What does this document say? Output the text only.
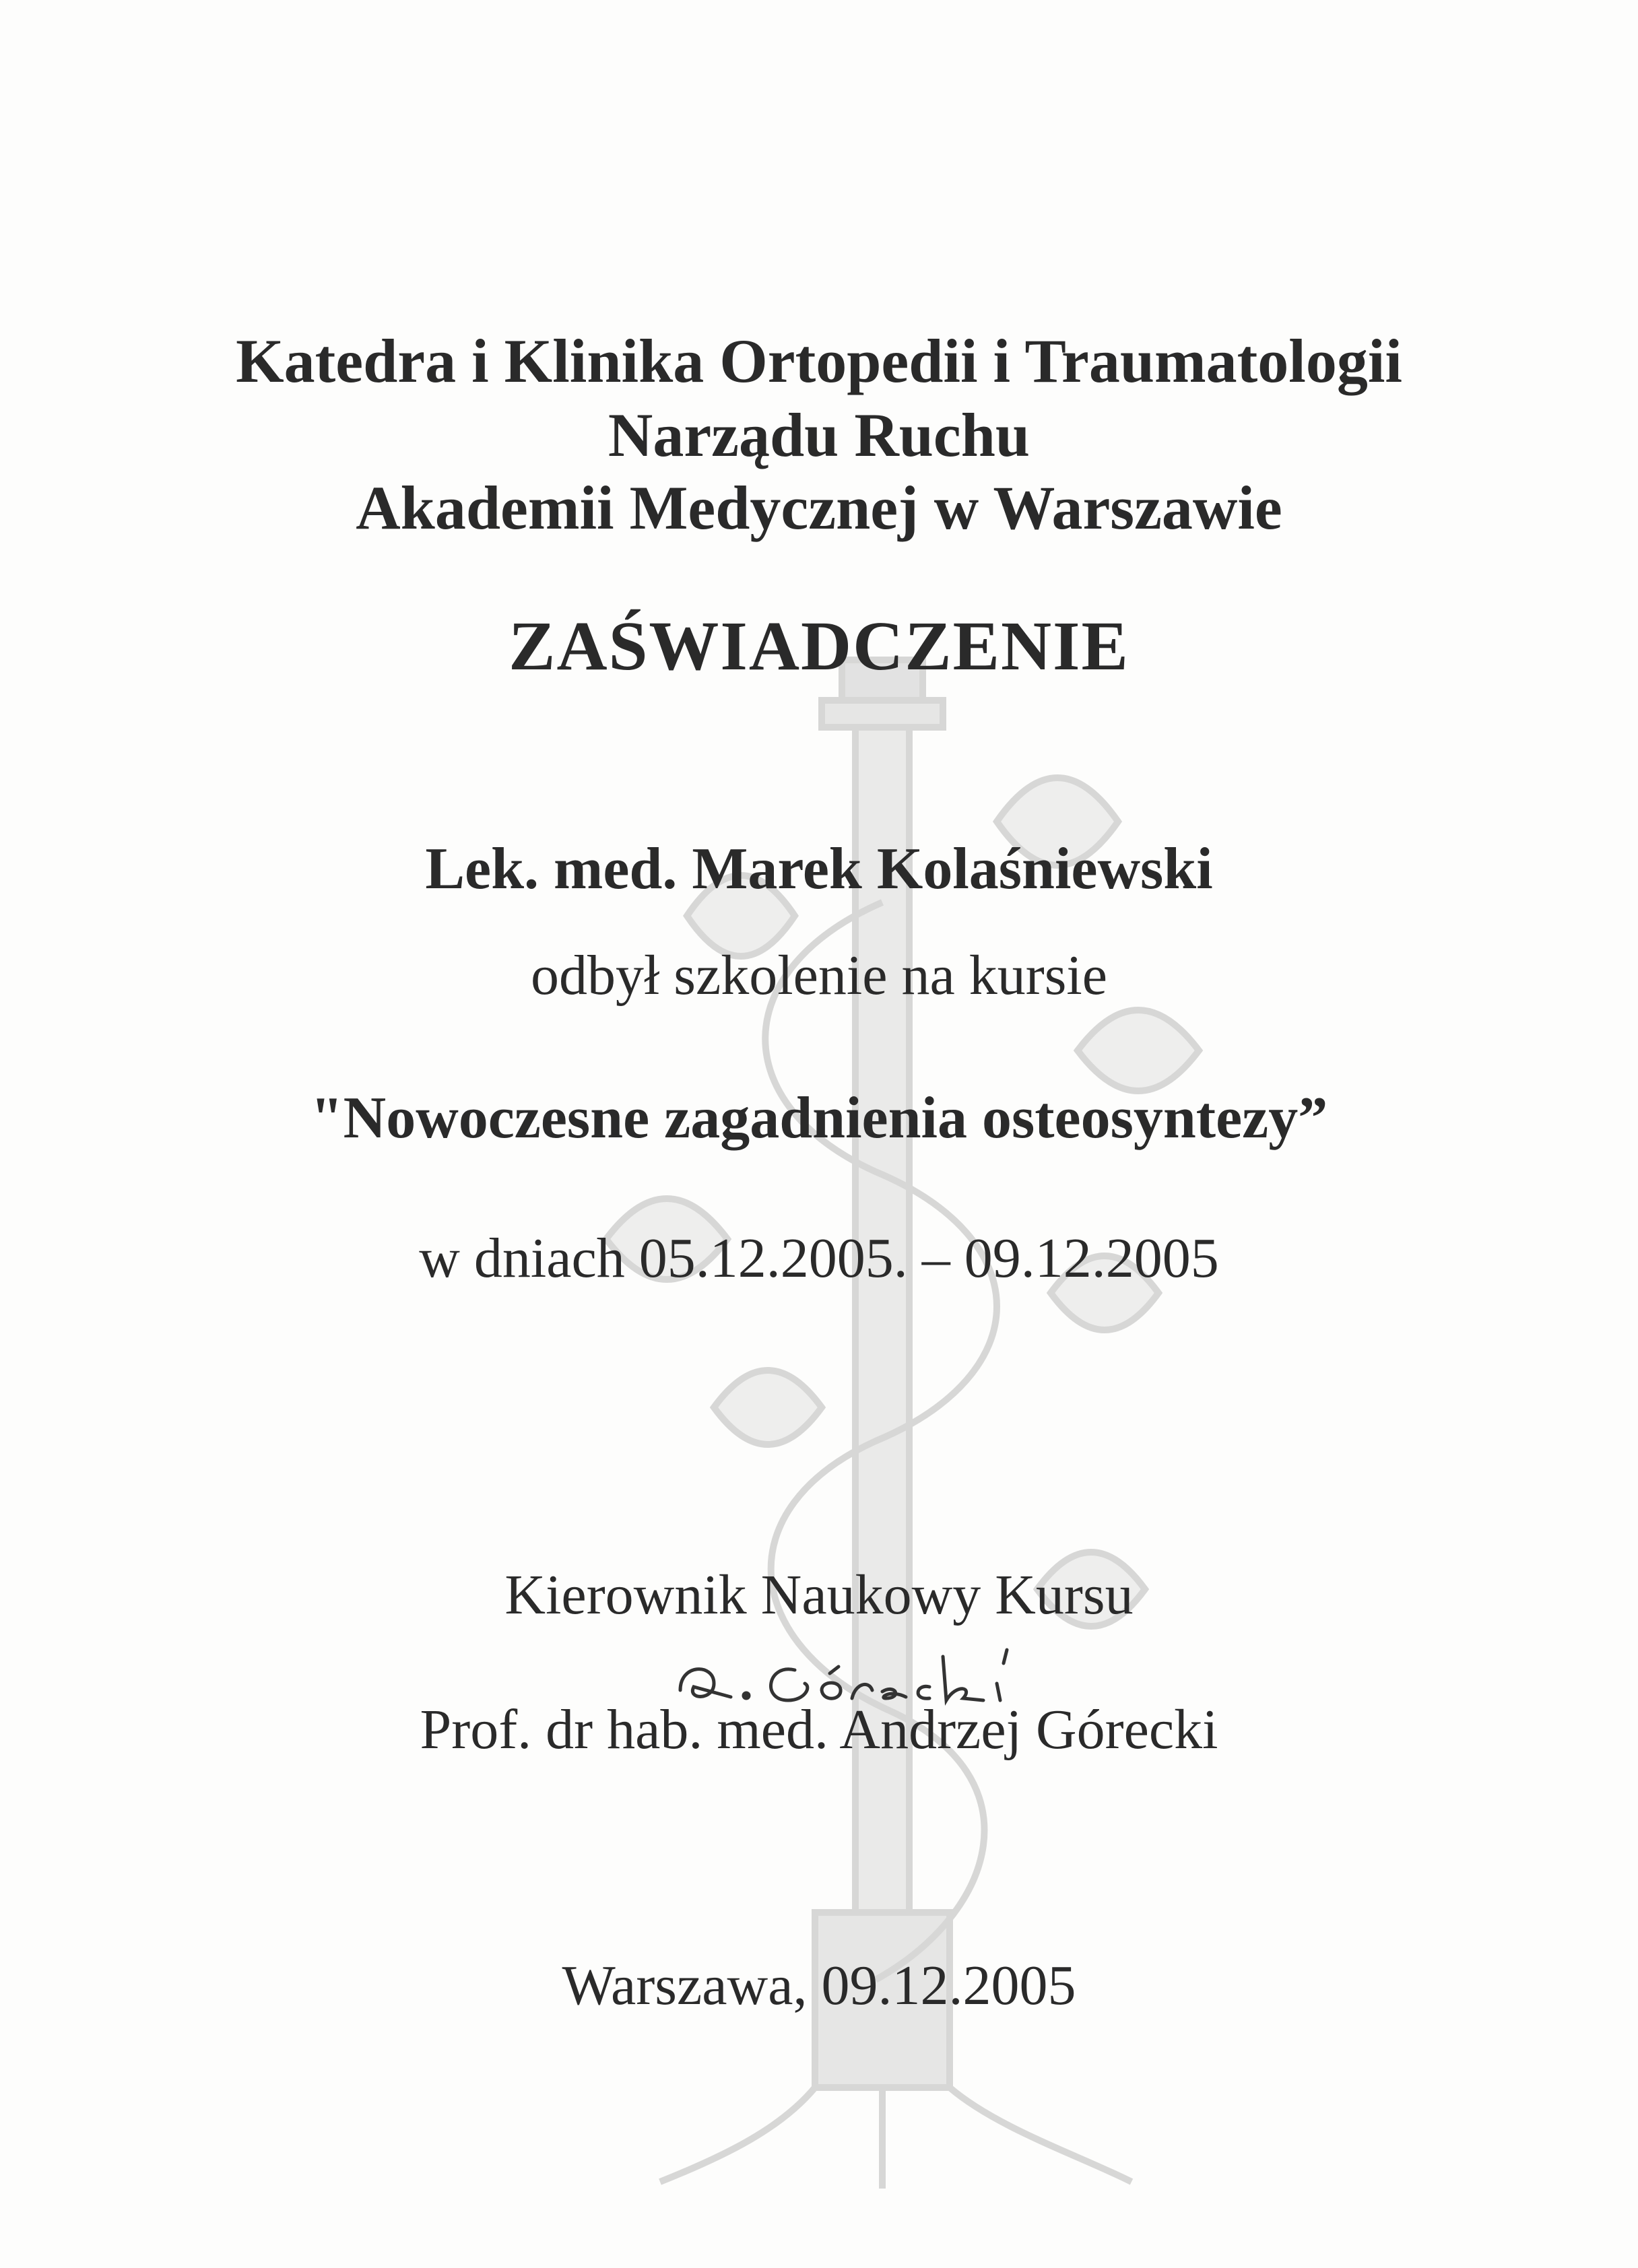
Katedra i Klinika Ortopedii i Traumatologii
Narządu Ruchu
Akademii Medycznej w Warszawie
ZAŚWIADCZENIE
Lek. med. Marek Kolaśniewski
odbył szkolenie na kursie
"Nowoczesne zagadnienia osteosyntezy”
w dniach 05.12.2005. – 09.12.2005
Kierownik Naukowy Kursu
Prof. dr hab. med. Andrzej Górecki
Warszawa, 09.12.2005
